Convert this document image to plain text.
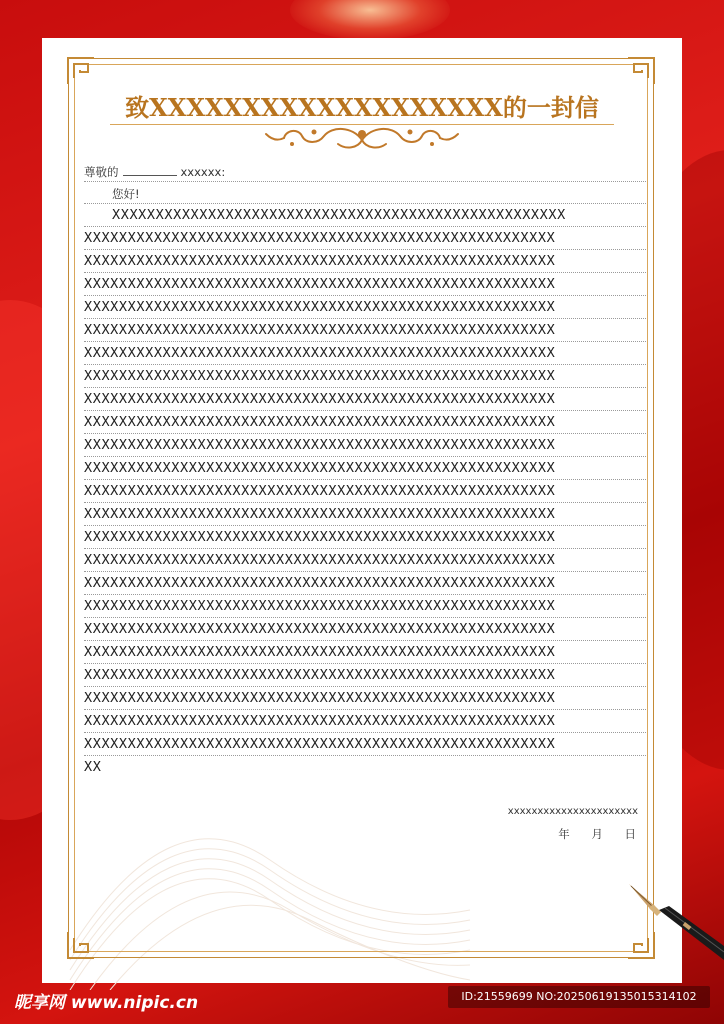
致XXXXXXXXXXXXXXXXXXX的一封信
尊敬的	xxxxxx:
您好!
XXXXXXXXXXXXXXXXXXXXXXXXXXXXXXXXXXXXXXXXXXXXXXXXXXXX
XXXXXXXXXXXXXXXXXXXXXXXXXXXXXXXXXXXXXXXXXXXXXXXXXXXXXX
XXXXXXXXXXXXXXXXXXXXXXXXXXXXXXXXXXXXXXXXXXXXXXXXXXXXXX
XXXXXXXXXXXXXXXXXXXXXXXXXXXXXXXXXXXXXXXXXXXXXXXXXXXXXX
XXXXXXXXXXXXXXXXXXXXXXXXXXXXXXXXXXXXXXXXXXXXXXXXXXXXXX
XXXXXXXXXXXXXXXXXXXXXXXXXXXXXXXXXXXXXXXXXXXXXXXXXXXXXX
XXXXXXXXXXXXXXXXXXXXXXXXXXXXXXXXXXXXXXXXXXXXXXXXXXXXXX
XXXXXXXXXXXXXXXXXXXXXXXXXXXXXXXXXXXXXXXXXXXXXXXXXXXXXX
XXXXXXXXXXXXXXXXXXXXXXXXXXXXXXXXXXXXXXXXXXXXXXXXXXXXXX
XXXXXXXXXXXXXXXXXXXXXXXXXXXXXXXXXXXXXXXXXXXXXXXXXXXXXX
XXXXXXXXXXXXXXXXXXXXXXXXXXXXXXXXXXXXXXXXXXXXXXXXXXXXXX
XXXXXXXXXXXXXXXXXXXXXXXXXXXXXXXXXXXXXXXXXXXXXXXXXXXXXX
XXXXXXXXXXXXXXXXXXXXXXXXXXXXXXXXXXXXXXXXXXXXXXXXXXXXXX
XXXXXXXXXXXXXXXXXXXXXXXXXXXXXXXXXXXXXXXXXXXXXXXXXXXXXX
XXXXXXXXXXXXXXXXXXXXXXXXXXXXXXXXXXXXXXXXXXXXXXXXXXXXXX
XXXXXXXXXXXXXXXXXXXXXXXXXXXXXXXXXXXXXXXXXXXXXXXXXXXXXX
XXXXXXXXXXXXXXXXXXXXXXXXXXXXXXXXXXXXXXXXXXXXXXXXXXXXXX
XXXXXXXXXXXXXXXXXXXXXXXXXXXXXXXXXXXXXXXXXXXXXXXXXXXXXX
XXXXXXXXXXXXXXXXXXXXXXXXXXXXXXXXXXXXXXXXXXXXXXXXXXXXXX
XXXXXXXXXXXXXXXXXXXXXXXXXXXXXXXXXXXXXXXXXXXXXXXXXXXXXX
XXXXXXXXXXXXXXXXXXXXXXXXXXXXXXXXXXXXXXXXXXXXXXXXXXXXXX
XXXXXXXXXXXXXXXXXXXXXXXXXXXXXXXXXXXXXXXXXXXXXXXXXXXXXX
XXXXXXXXXXXXXXXXXXXXXXXXXXXXXXXXXXXXXXXXXXXXXXXXXXXXXX
XXXXXXXXXXXXXXXXXXXXXXXXXXXXXXXXXXXXXXXXXXXXXXXXXXXXXX
XX
xxxxxxxxxxxxxxxxxxxxxx
年 月 日
昵享网 www.nipic.cn	ID:21559699 NO:20250619135015314102
